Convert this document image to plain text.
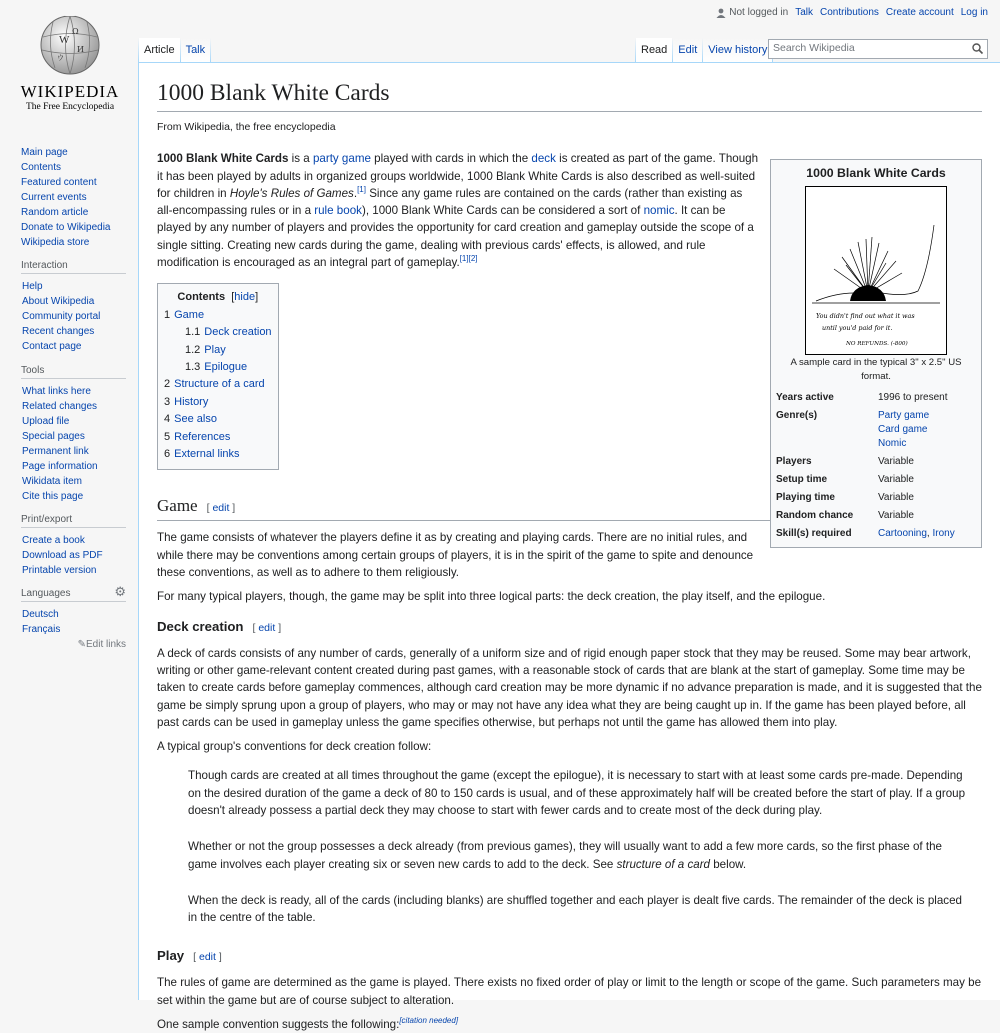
W
Ω
И
ウ
WIKIPEDIA
The Free Encyclopedia
Main page
Contents
Featured content
Current events
Random article
Donate to Wikipedia
Wikipedia store
Interaction
Help
About Wikipedia
Community portal
Recent changes
Contact page
Tools
What links here
Related changes
Upload file
Special pages
Permanent link
Page information
Wikidata item
Cite this page
Print/export
Create a book
Download as PDF
Printable version
Languages	⚙
Deutsch
Français
✎Edit links
Not logged in Talk Contributions Create account Log in
Article	Talk	Read	Edit	View history Search Wikipedia
1000 Blank White Cards
From Wikipedia, the free encyclopedia
1000 Blank White Cards
You didn't find out what it was
until you'd paid for it.
NO REFUNDS. (-800)
A sample card in the typical 3" x 2.5" US format.
Years active	1996 to present
Genre(s)	Party game
Card game
Nomic
Players	Variable
Setup time	Variable
Playing time	Variable
Random chance	Variable
Skill(s) required	Cartooning, Irony

1000 Blank White Cards is a party game played with cards in which the deck is created as part of the game. Though it has been played by adults in organized groups worldwide, 1000 Blank White Cards is also described as well-suited for children in Hoyle's Rules of Games.[1] Since any game rules are contained on the cards (rather than existing as all-encompassing rules or in a rule book), 1000 Blank White Cards can be considered a sort of nomic. It can be played by any number of players and provides the opportunity for card creation and gameplay outside the scope of a single sitting. Creating new cards during the game, dealing with previous cards' effects, is allowed, and rule modification is encouraged as an integral part of gameplay.[1][2]

Contents  [hide]
1 Game
1.1 Deck creation
1.2 Play
1.3 Epilogue
2 Structure of a card
3 History
4 See also
5 References
6 External links
Game [ edit ]

The game consists of whatever the players define it as by creating and playing cards. There are no initial rules, and while there may be conventions among certain groups of players, it is in the spirit of the game to spite and denounce these conventions, as well as to adhere to them religiously.

For many typical players, though, the game may be split into three logical parts: the deck creation, the play itself, and the epilogue.

Deck creation [ edit ]

A deck of cards consists of any number of cards, generally of a uniform size and of rigid enough paper stock that they may be reused. Some may bear artwork, writing or other game-relevant content created during past games, with a reasonable stock of cards that are blank at the start of gameplay. Some time may be taken to create cards before gameplay commences, although card creation may be more dynamic if no advance preparation is made, and it is suggested that the game be simply sprung upon a group of players, who may or may not have any idea what they are being caught up in. If the game has been played before, all past cards can be used in gameplay unless the game specifies otherwise, but perhaps not until the game has allowed them into play.

A typical group's conventions for deck creation follow:

Though cards are created at all times throughout the game (except the epilogue), it is necessary to start with at least some cards pre-made. Depending on the desired duration of the game a deck of 80 to 150 cards is usual, and of these approximately half will be created before the start of play. If a group doesn't already possess a partial deck they may choose to start with fewer cards and to create most of the deck during play.

Whether or not the group possesses a deck already (from previous games), they will usually want to add a few more cards, so the first phase of the game involves each player creating six or seven new cards to add to the deck. See structure of a card below.

When the deck is ready, all of the cards (including blanks) are shuffled together and each player is dealt five cards. The remainder of the deck is placed in the centre of the table.

Play [ edit ]

The rules of game are determined as the game is played. There exists no fixed order of play or limit to the length or scope of the game. Such parameters may be set within the game but are of course subject to alteration.

One sample convention suggests the following:[citation needed]
